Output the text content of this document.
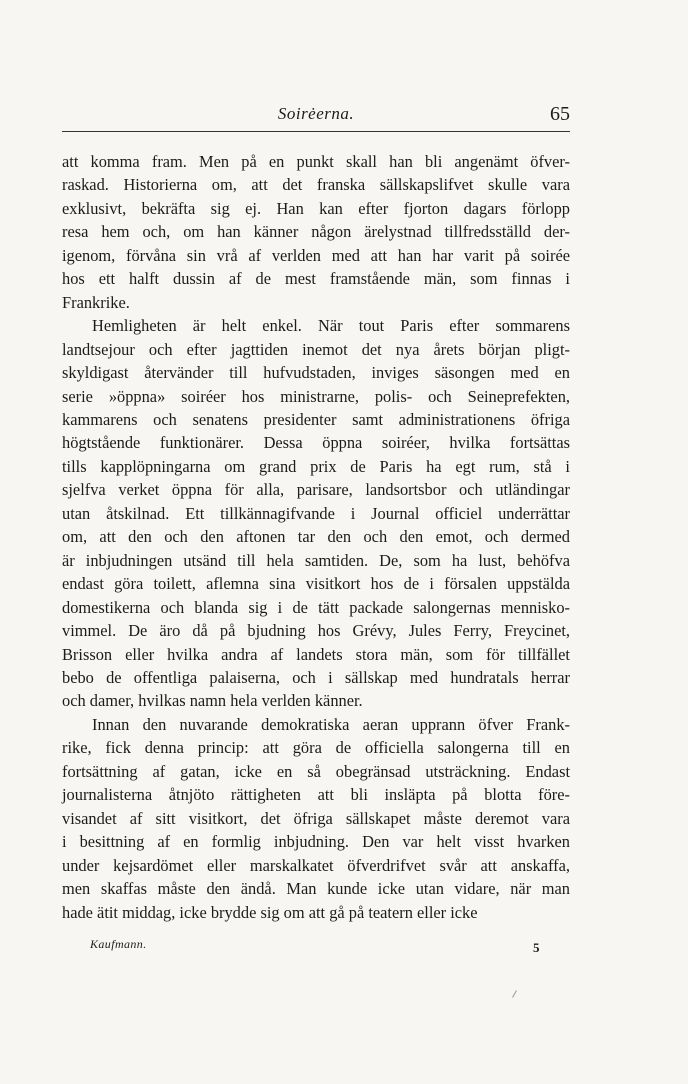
Soirėerna.	65
att komma fram. Men på en punkt skall han bli angenämt öfver-
raskad. Historierna om, att det franska sällskapslifvet skulle vara
exklusivt, bekräfta sig ej. Han kan efter fjorton dagars förlopp
resa hem och, om han känner någon ärelystnad tillfredsställd der-
igenom, förvåna sin vrå af verlden med att han har varit på soirée
hos ett halft dussin af de mest framstående män, som finnas i
Frankrike.
Hemligheten är helt enkel. När tout Paris efter sommarens
landtsejour och efter jagttiden inemot det nya årets början pligt-
skyldigast återvänder till hufvudstaden, inviges säsongen med en
serie »öppna» soiréer hos ministrarne, polis- och Seineprefekten,
kammarens och senatens presidenter samt administrationens öfriga
högtstående funktionärer. Dessa öppna soiréer, hvilka fortsättas
tills kapplöpningarna om grand prix de Paris ha egt rum, stå i
sjelfva verket öppna för alla, parisare, landsortsbor och utländingar
utan åtskilnad. Ett tillkännagifvande i Journal officiel underrättar
om, att den och den aftonen tar den och den emot, och dermed
är inbjudningen utsänd till hela samtiden. De, som ha lust, behöfva
endast göra toilett, aflemna sina visitkort hos de i försalen uppstälda
domestikerna och blanda sig i de tätt packade salongernas mennisko-
vimmel. De äro då på bjudning hos Grévy, Jules Ferry, Freycinet,
Brisson eller hvilka andra af landets stora män, som för tillfället
bebo de offentliga palaiserna, och i sällskap med hundratals herrar
och damer, hvilkas namn hela verlden känner.
Innan den nuvarande demokratiska aeran upprann öfver Frank-
rike, fick denna princip: att göra de officiella salongerna till en
fortsättning af gatan, icke en så obegränsad utsträckning. Endast
journalisterna åtnjöto rättigheten att bli insläpta på blotta före-
visandet af sitt visitkort, det öfriga sällskapet måste deremot vara
i besittning af en formlig inbjudning. Den var helt visst hvarken
under kejsardömet eller marskalkatet öfverdrifvet svår att anskaffa,
men skaffas måste den ändå. Man kunde icke utan vidare, när man
hade ätit middag, icke brydde sig om att gå på teatern eller icke
Kaufmann.	5
